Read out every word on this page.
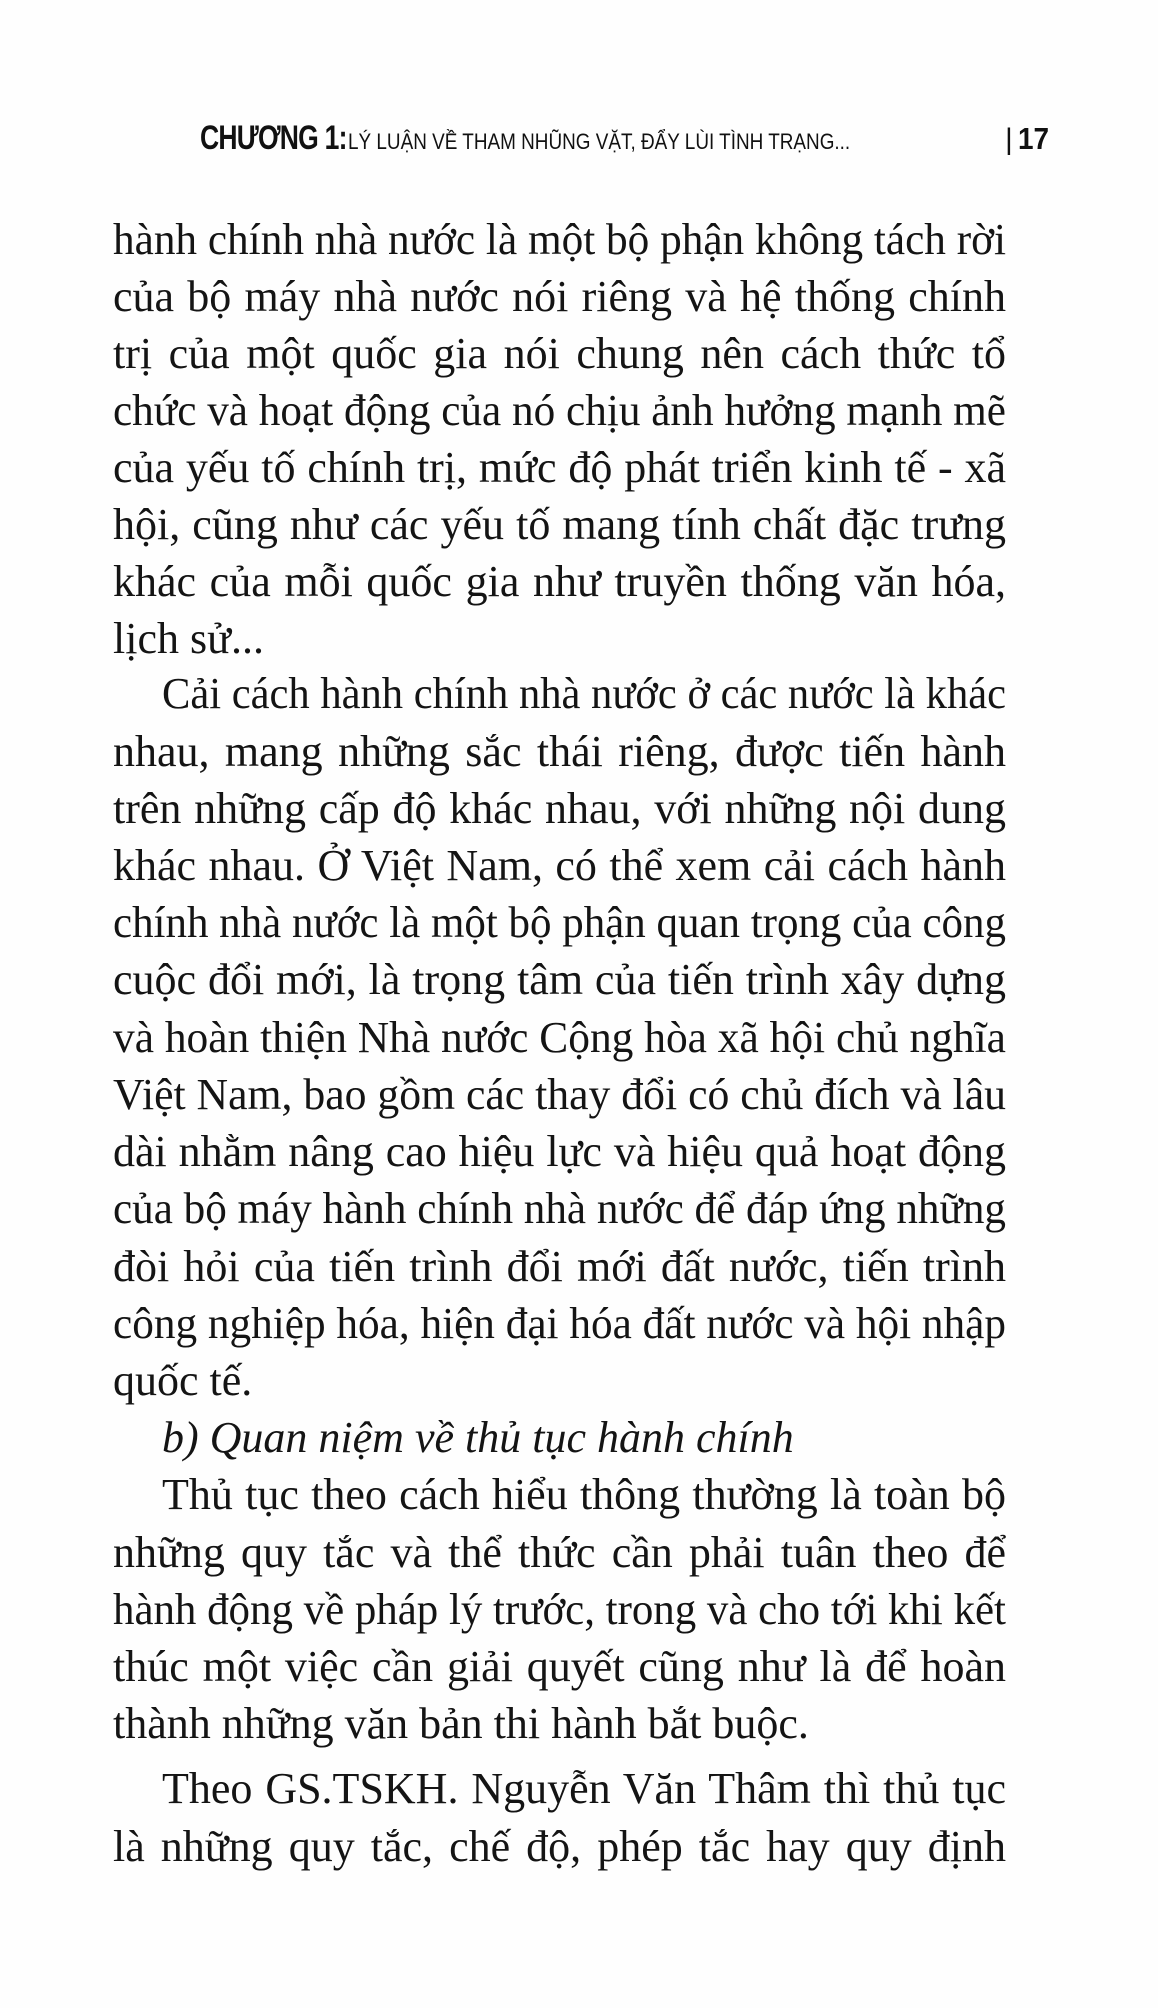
CHƯƠNG 1: LÝ LUẬN VỀ THAM NHŨNG VẶT, ĐẨY LÙI TÌNH TRẠNG...	| 17
hành chính nhà nước là một bộ phận không tách rời
của bộ máy nhà nước nói riêng và hệ thống chính
trị của một quốc gia nói chung nên cách thức tổ
chức và hoạt động của nó chịu ảnh hưởng mạnh mẽ
của yếu tố chính trị, mức độ phát triển kinh tế - xã
hội, cũng như các yếu tố mang tính chất đặc trưng
khác của mỗi quốc gia như truyền thống văn hóa,
lịch sử...
Cải cách hành chính nhà nước ở các nước là khác
nhau, mang những sắc thái riêng, được tiến hành
trên những cấp độ khác nhau, với những nội dung
khác nhau. Ở Việt Nam, có thể xem cải cách hành
chính nhà nước là một bộ phận quan trọng của công
cuộc đổi mới, là trọng tâm của tiến trình xây dựng
và hoàn thiện Nhà nước Cộng hòa xã hội chủ nghĩa
Việt Nam, bao gồm các thay đổi có chủ đích và lâu
dài nhằm nâng cao hiệu lực và hiệu quả hoạt động
của bộ máy hành chính nhà nước để đáp ứng những
đòi hỏi của tiến trình đổi mới đất nước, tiến trình
công nghiệp hóa, hiện đại hóa đất nước và hội nhập
quốc tế.
b) Quan niệm về thủ tục hành chính
Thủ tục theo cách hiểu thông thường là toàn bộ
những quy tắc và thể thức cần phải tuân theo để
hành động về pháp lý trước, trong và cho tới khi kết
thúc một việc cần giải quyết cũng như là để hoàn
thành những văn bản thi hành bắt buộc.
Theo GS.TSKH. Nguyễn Văn Thâm thì thủ tục
là những quy tắc, chế độ, phép tắc hay quy định
